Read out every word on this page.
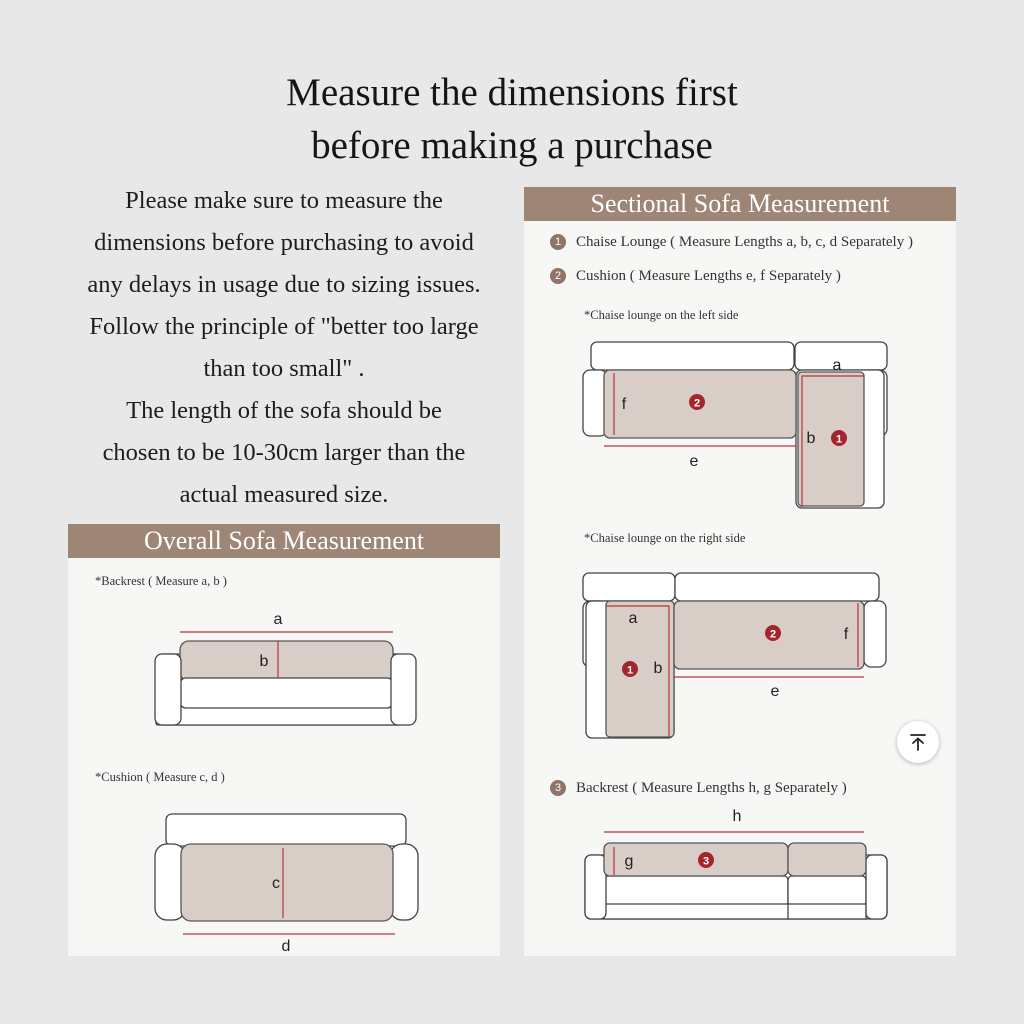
Measure the dimensions first
before making a purchase
Please make sure to measure the
dimensions before purchasing to avoid
any delays in usage due to sizing issues.
Follow the principle of "better too large
than too small" .
The length of the sofa should be
chosen to be 10-30cm larger than the
actual measured size.
Overall Sofa Measurement
*Backrest ( Measure a, b )
*Cushion ( Measure c, d )
a
b
c
d
Sectional Sofa Measurement
1 Chaise Lounge ( Measure Lengths a, b, c, d Separately )
2 Cushion ( Measure Lengths e, f Separately )
*Chaise lounge on the left side
*Chaise lounge on the right side
3 Backrest ( Measure Lengths h, g Separately )
f
e
a
b
2
1
a
b
f
e
2
1
h
g	3
